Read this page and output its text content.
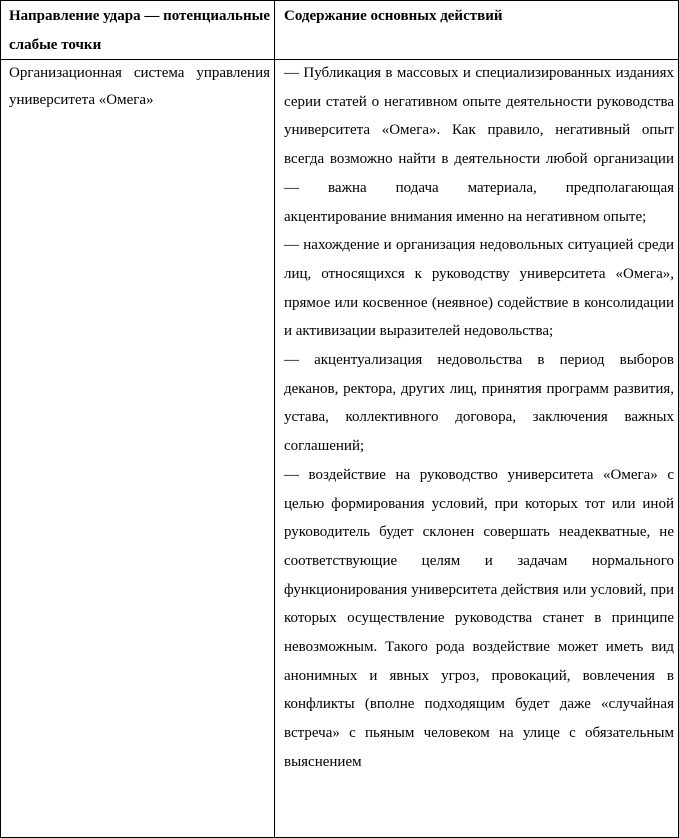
Направление удара — потенциальные слабые точки
Содержание основных действий
Организационная система управления университета «Омега»

— Публикация в массовых и специализированных изданиях серии статей о негативном опыте деятельности руководства университета «Омега». Как правило, негативный опыт всегда возможно найти в деятельности любой организации — важна подача материала, предполагающая акцентирование внимания именно на негативном опыте;

— нахождение и организация недовольных ситуацией среди лиц, относящихся к руководству университета «Омега», прямое или косвенное (неявное) содействие в консолидации и активизации выразителей недовольства;

— акцентуализация недовольства в период выборов деканов, ректора, других лиц, принятия программ развития, устава, коллективного договора, заключения важных соглашений;

— воздействие на руководство университета «Омега» с целью формирования условий, при которых тот или иной руководитель будет склонен совершать неадекватные, не соответствующие целям и задачам нормального функционирования университета действия или условий, при которых осуществление руководства станет в принципе невозможным. Такого рода воздействие может иметь вид анонимных и явных угроз, провокаций, вовлечения в конфликты (вполне подходящим будет даже «случайная встреча» с пьяным человеком на улице с обязательным выяснением
